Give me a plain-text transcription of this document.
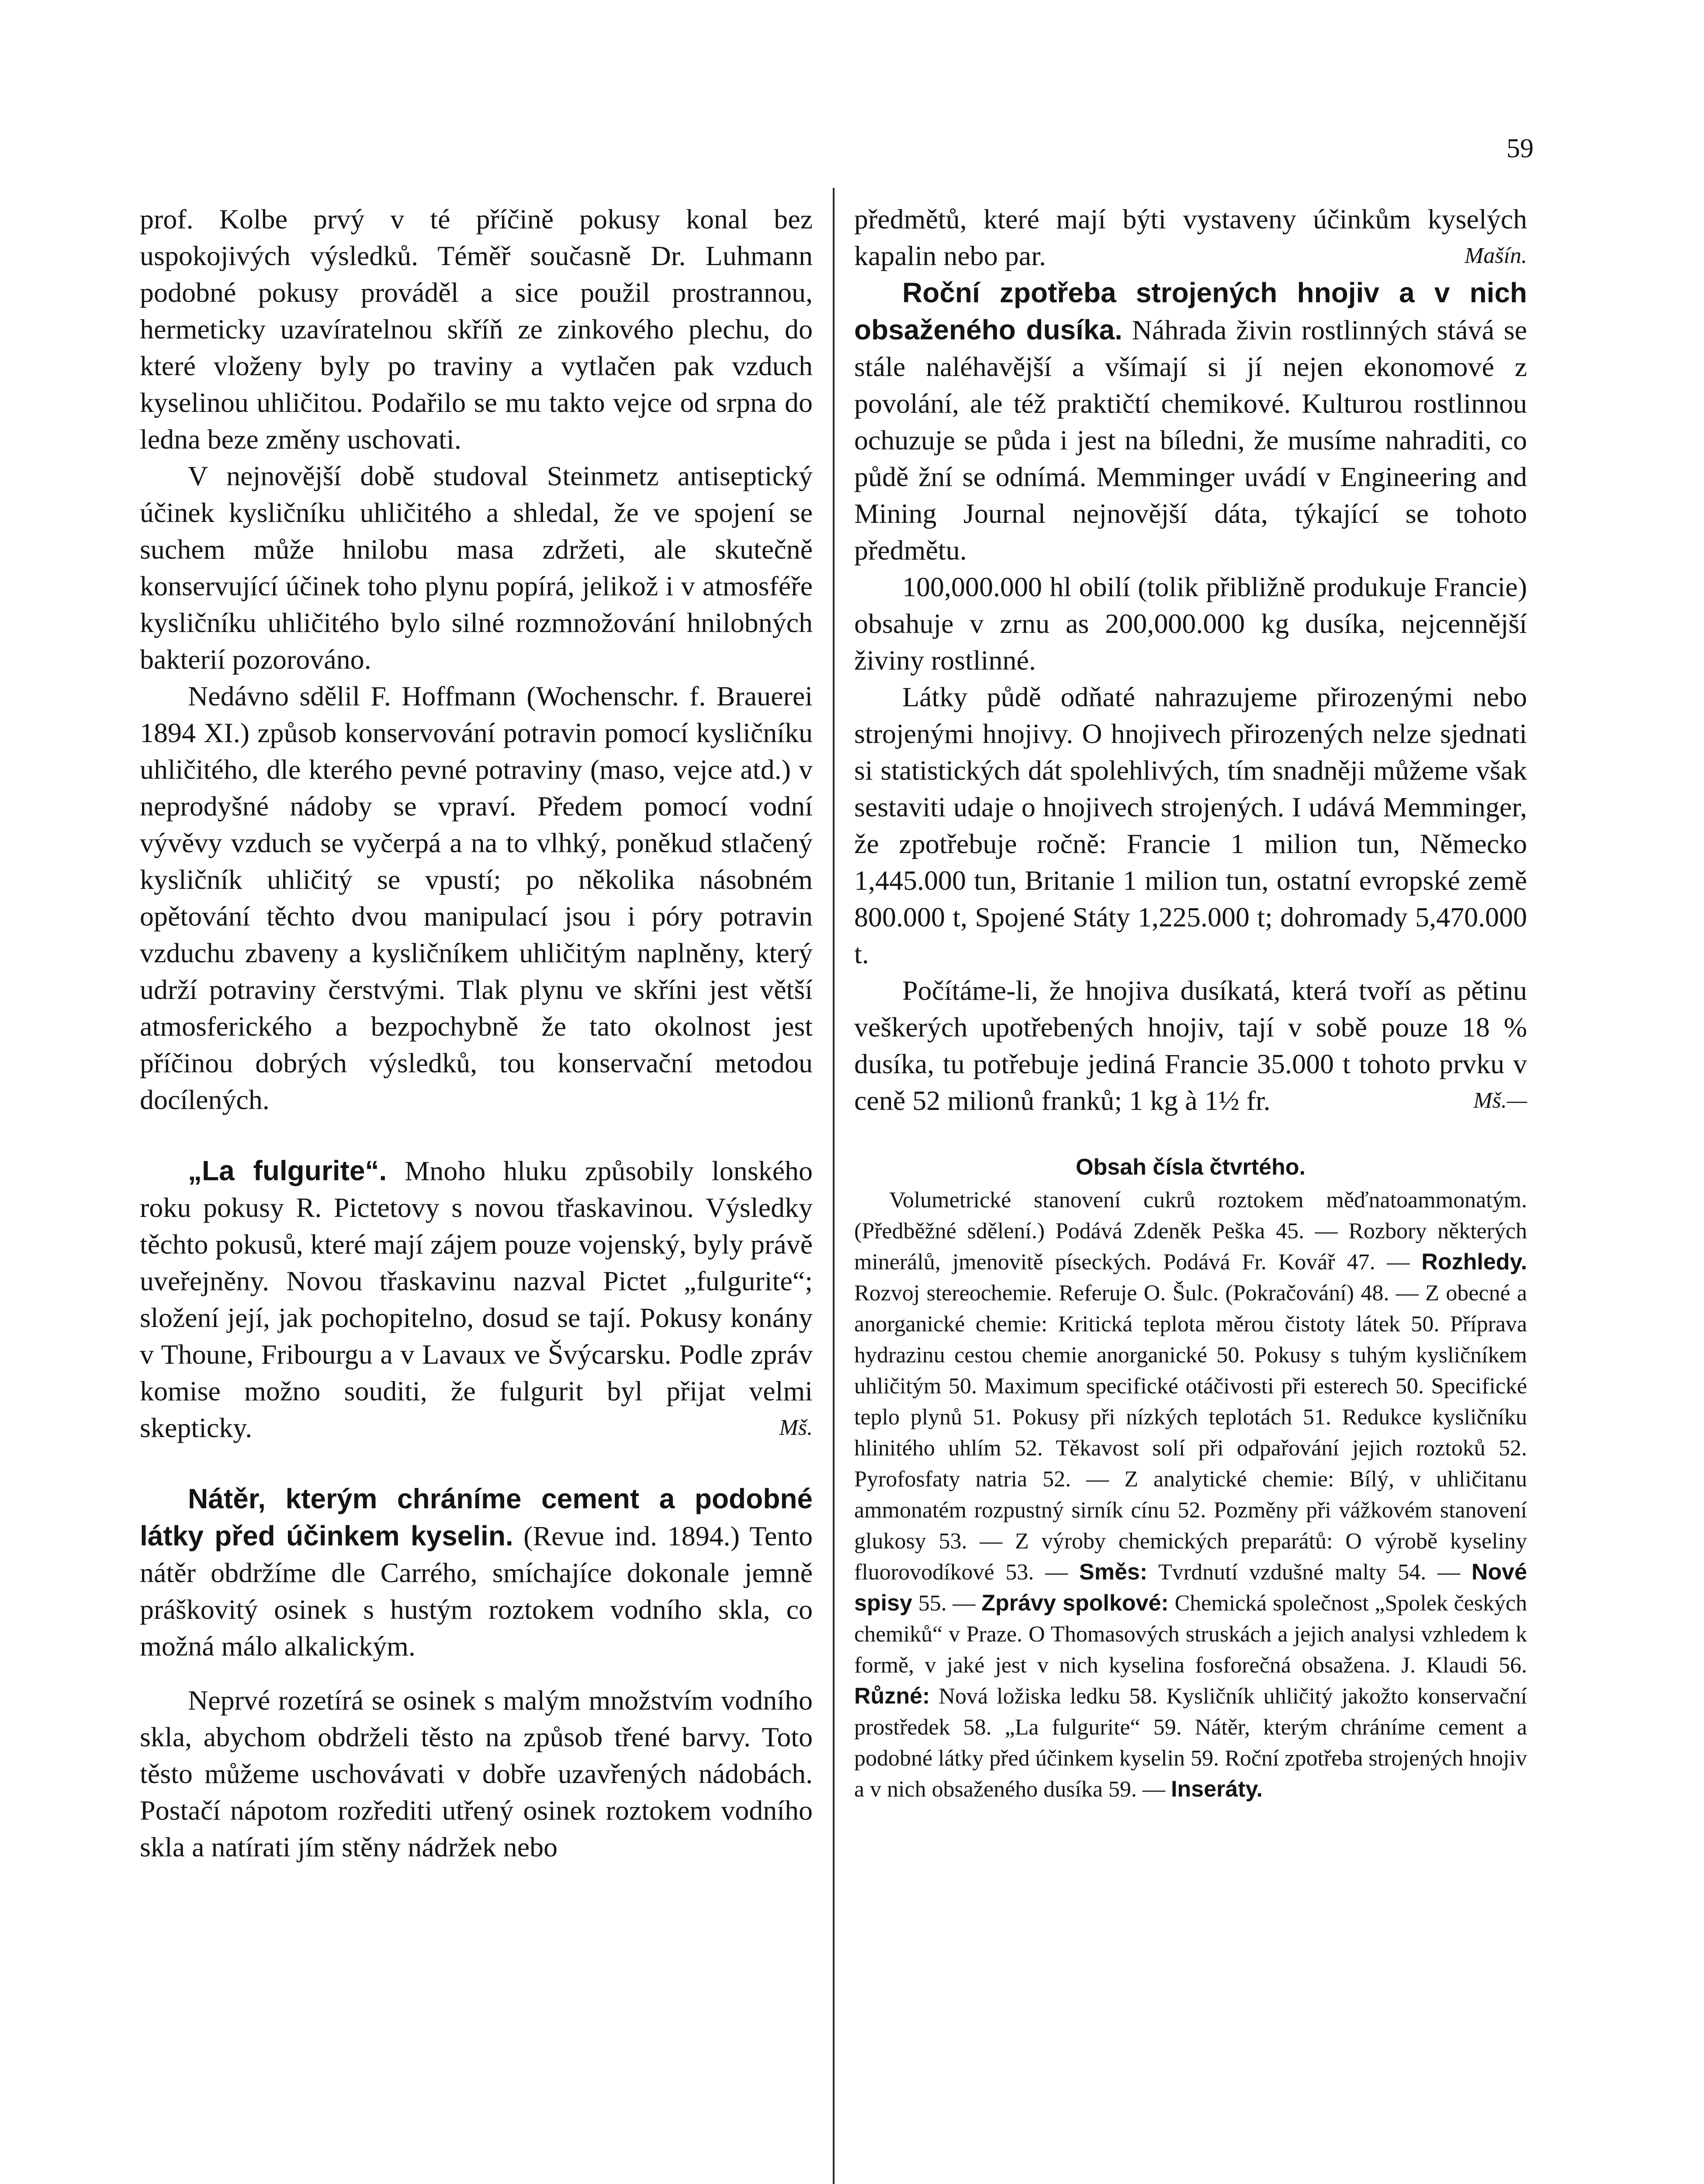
59

prof. Kolbe prvý v té příčině pokusy konal bez uspokojivých výsledků. Téměř současně Dr. Luhmann podobné pokusy prováděl a sice použil prostrannou, hermeticky uzavíratelnou skříň ze zinkového plechu, do které vloženy byly po traviny a vytlačen pak vzduch kyselinou uhličitou. Podařilo se mu takto vejce od srpna do ledna beze změny uschovati.

V nejnovější době studoval Steinmetz antiseptický účinek kysličníku uhličitého a shledal, že ve spojení se suchem může hnilobu masa zdržeti, ale skutečně konservující účinek toho plynu popírá, jelikož i v atmosféře kysličníku uhličitého bylo silné rozmnožování hnilobných bakterií pozorováno.

Nedávno sdělil F. Hoffmann (Wochenschr. f. Brauerei 1894 XI.) způsob konservování potravin pomocí kysličníku uhličitého, dle kterého pevné potraviny (maso, vejce atd.) v neprodyšné nádoby se vpraví. Předem pomocí vodní vývěvy vzduch se vyčerpá a na to vlhký, poněkud stlačený kysličník uhličitý se vpustí; po několika násobném opětování těchto dvou manipulací jsou i póry potravin vzduchu zbaveny a kysličníkem uhličitým naplněny, který udrží potraviny čerstvými. Tlak plynu ve skříni jest větší atmosferického a bezpochybně že tato okolnost jest příčinou dobrých výsledků, tou konservační metodou docílených.

„La fulgurite“. Mnoho hluku způsobily lonského roku pokusy R. Pictetovy s novou třaskavinou. Výsledky těchto pokusů, které mají zájem pouze vojenský, byly právě uveřejněny. Novou třaskavinu nazval Pictet „fulgurite“; složení její, jak pochopitelno, dosud se tají. Pokusy konány v Thoune, Fribourgu a v Lavaux ve Švýcarsku. Podle zpráv komise možno souditi, že fulgurit byl přijat velmi skepticky.	Mš.

Nátěr, kterým chráníme cement a podobné látky před účinkem kyselin. (Revue ind. 1894.) Tento nátěr obdržíme dle Carrého, smíchajíce dokonale jemně práškovitý osinek s hustým roztokem vodního skla, co možná málo alkalickým.

Neprvé rozetírá se osinek s malým množstvím vodního skla, abychom obdrželi těsto na způsob třené barvy. Toto těsto můžeme uschovávati v dobře uzavřených nádobách. Postačí nápotom rozřediti utřený osinek roztokem vodního skla a natírati jím stěny nádržek nebo

předmětů, které mají býti vystaveny účinkům kyselých kapalin nebo par.	Mašín.

Roční zpotřeba strojených hnojiv a v nich obsaženého dusíka. Náhrada živin rostlinných stává se stále naléhavější a všímají si jí nejen ekonomové z povolání, ale též praktičtí chemikové. Kulturou rostlinnou ochuzuje se půda i jest na bíledni, že musíme nahraditi, co půdě žní se odnímá. Memminger uvádí v Engineering and Mining Journal nejnovější dáta, týkající se tohoto předmětu.

100,000.000 hl obilí (tolik přibližně produkuje Francie) obsahuje v zrnu as 200,000.000 kg dusíka, nejcennější živiny rostlinné.

Látky půdě odňaté nahrazujeme přirozenými nebo strojenými hnojivy. O hnojivech přirozených nelze sjednati si statistických dát spolehlivých, tím snadněji můžeme však sestaviti udaje o hnojivech strojených. I udává Memminger, že zpotřebuje ročně: Francie 1 milion tun, Německo 1,445.000 tun, Britanie 1 milion tun, ostatní evropské země 800.000 t, Spojené Státy 1,225.000 t; dohromady 5,470.000 t.

Počítáme-li, že hnojiva dusíkatá, která tvoří as pětinu veškerých upotřebených hnojiv, tají v sobě pouze 18 % dusíka, tu potřebuje jediná Francie 35.000 t tohoto prvku v ceně 52 milionů franků; 1 kg à 1½ fr.	Mš.—

Obsah čísla čtvrtého.

Volumetrické stanovení cukrů roztokem měďnatoammonatým. (Předběžné sdělení.) Podává Zdeněk Peška 45. — Rozbory některých minerálů, jmenovitě píseckých. Podává Fr. Kovář 47. — Rozhledy. Rozvoj stereochemie. Referuje O. Šulc. (Pokračování) 48. — Z obecné a anorganické chemie: Kritická teplota měrou čistoty látek 50. Příprava hydrazinu cestou chemie anorganické 50. Pokusy s tuhým kysličníkem uhličitým 50. Maximum specifické otáčivosti při esterech 50. Specifické teplo plynů 51. Pokusy při nízkých teplotách 51. Redukce kysličníku hlinitého uhlím 52. Těkavost solí při odpařování jejich roztoků 52. Pyrofosfaty natria 52. — Z analytické chemie: Bílý, v uhličitanu ammonatém rozpustný sirník cínu 52. Pozměny při vážkovém stanovení glukosy 53. — Z výroby chemických preparátů: O výrobě kyseliny fluorovodíkové 53. — Směs: Tvrdnutí vzdušné malty 54. — Nové spisy 55. — Zprávy spolkové: Chemická společnost „Spolek českých chemiků“ v Praze. O Thomasových struskách a jejich analysi vzhledem k formě, v jaké jest v nich kyselina fosforečná obsažena. J. Klaudi 56. Různé: Nová ložiska ledku 58. Kysličník uhličitý jakožto konservační prostředek 58. „La fulgurite“ 59. Nátěr, kterým chráníme cement a podobné látky před účinkem kyselin 59. Roční zpotřeba strojených hnojiv a v nich obsaženého dusíka 59. — Inseráty.
